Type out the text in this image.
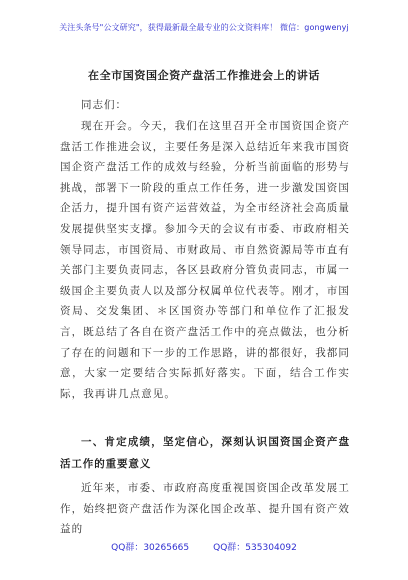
关注头条号"公文研究"，获得最新最全最专业的公文资料库！ 微信：gongwenyj
在全市国资国企资产盘活工作推进会上的讲话
同志们：

现在开会。今天，我们在这里召开全市国资国企资产盘活工作推进会议，主要任务是深入总结近年来我市国资国企资产盘活工作的成效与经验，分析当前面临的形势与挑战，部署下一阶段的重点工作任务，进一步激发国资国企活力，提升国有资产运营效益，为全市经济社会高质量发展提供坚实支撑。参加今天的会议有市委、市政府相关领导同志，市国资局、市财政局、市自然资源局等市直有关部门主要负责同志，各区县政府分管负责同志，市属一级国企主要负责人以及部分权属单位代表等。刚才，市国资局、交发集团、＊区国资办等部门和单位作了汇报发言，既总结了各自在资产盘活工作中的亮点做法，也分析了存在的问题和下一步的工作思路，讲的都很好，我都同意，大家一定要结合实际抓好落实。下面，结合工作实际，我再讲几点意见。

一、肯定成绩，坚定信心，深刻认识国资国企资产盘活工作的重要意义

近年来，市委、市政府高度重视国资国企改革发展工作，始终把资产盘活作为深化国企改革、提升国有资产效益的

QQ群：30265665	QQ群：535304092
